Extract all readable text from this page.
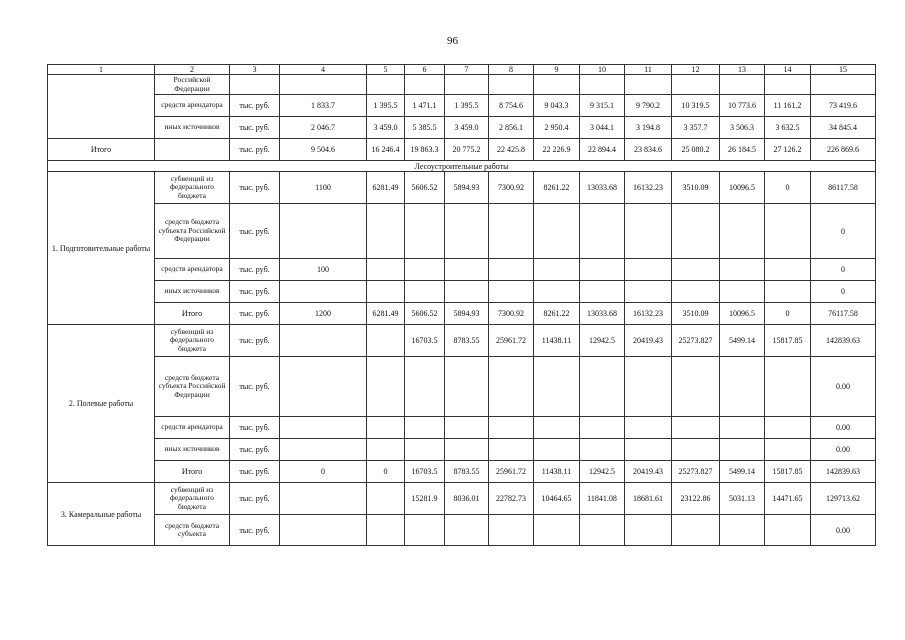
96
1	2	3	4	5	6	7	8	9	10	11	12	13	14	15
	Российской Федерации													
	средств арендатора	тыс. руб.	1 833.7	1 395.5	1 471.1	1 395.5	8 754.6	9 043.3	9 315.1	9 790.2	10 319.5	10 773.6	11 161.2	73 419.6
	иных источников	тыс. руб.	2 046.7	3 459.0	5 385.5	3 459.0	2 856.1	2 950.4	3 044.1	3 194.8	3 357.7	3 506.3	3 632.5	34 845.4
Итого		тыс. руб.	9 504.6	16 246.4	19 863.3	20 775.2	22 425.8	22 226.9	22 894.4	23 834.6	25 080.2	26 184.5	27 126.2	226 869.6
Лесоустроительные работы														
1. Подготовительные работы	субвенций из федерального бюджета	тыс. руб.	1100	6281.49	5606.52	5894.93	7300.92	8261.22	13033.68	16132.23	3510.09	10096.5	0	86117.58
	средств бюджета субъекта Российской Федерации	тыс. руб.												0
	средств арендатора	тыс. руб.	100											0
	иных источников	тыс. руб.												0
	Итого	тыс. руб.	1200	6281.49	5606.52	5894.93	7300.92	8261.22	13033.68	16132.23	3510.09	10096.5	0	76117.58
2. Полевые работы	субвенций из федерального бюджета	тыс. руб.			16703.5	8783.55	25961.72	11438.11	12942.5	20419.43	25273.827	5499.14	15817.85	142839.63
	средств бюджета субъекта Российской Федерации	тыс. руб.												0.00
	средств арендатора	тыс. руб.												0.00
	иных источников	тыс. руб.												0.00
	Итого	тыс. руб.	0	0	16703.5	8783.55	25961.72	11438.11	12942.5	20419.43	25273.827	5499.14	15817.85	142839.63
3. Камеральные работы	субвенций из федерального бюджета	тыс. руб.			15281.9	8036.01	22782.73	10464.65	11841.08	18681.61	23122.86	5031.13	14471.65	129713.62
	средств бюджета субъекта	тыс. руб.												0.00
